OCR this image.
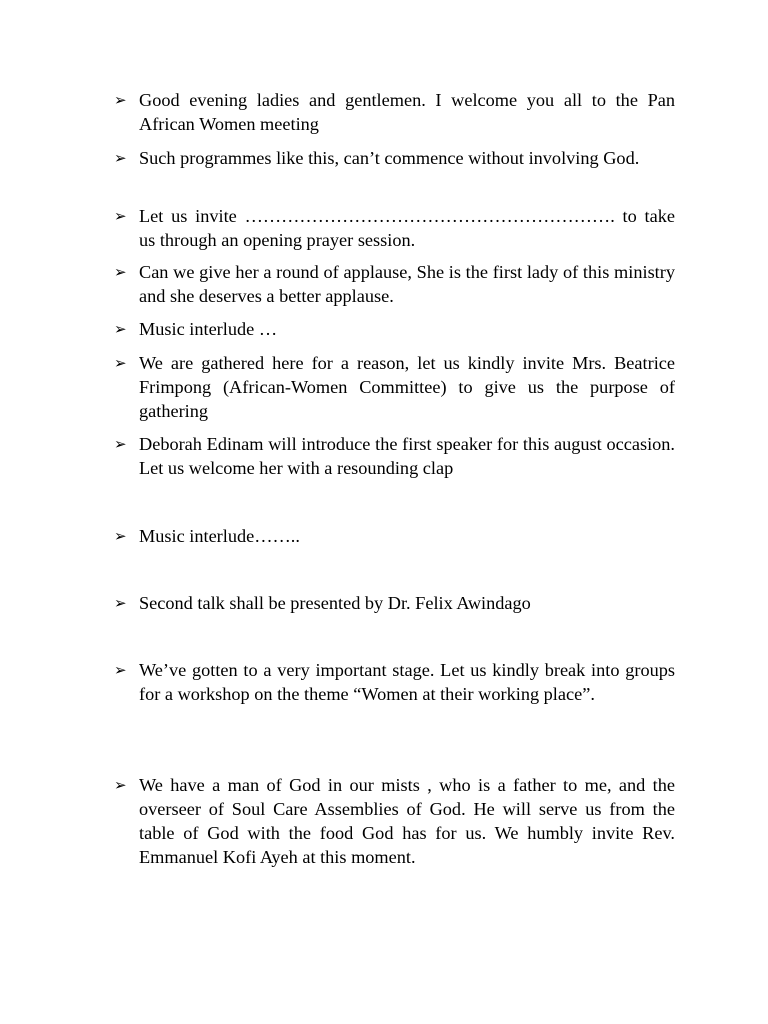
➢ Good evening ladies and gentlemen. I welcome you all to the Pan African Women meeting
➢ Such programmes like this, can’t commence without involving God.
➢ Let us invite ……………………………………………………. to take us through an opening prayer session.
➢ Can we give her a round of applause, She is the first lady of this ministry and she deserves a better applause.
➢ Music interlude …
➢ We are gathered here for a reason, let us kindly invite Mrs. Beatrice Frimpong (African-Women Committee) to give us the purpose of gathering
➢ Deborah Edinam will introduce the first speaker for this august occasion. Let us welcome her with a resounding clap
➢ Music interlude……..
➢ Second talk shall be presented by Dr. Felix Awindago
➢ We’ve gotten to a very important stage. Let us kindly break into groups for a workshop on the theme “Women at their working place”.
➢ We have a man of God in our mists , who is a father to me, and the overseer of Soul Care Assemblies of God. He will serve us from the table of God with the food God has for us. We humbly invite Rev. Emmanuel Kofi Ayeh at this moment.
